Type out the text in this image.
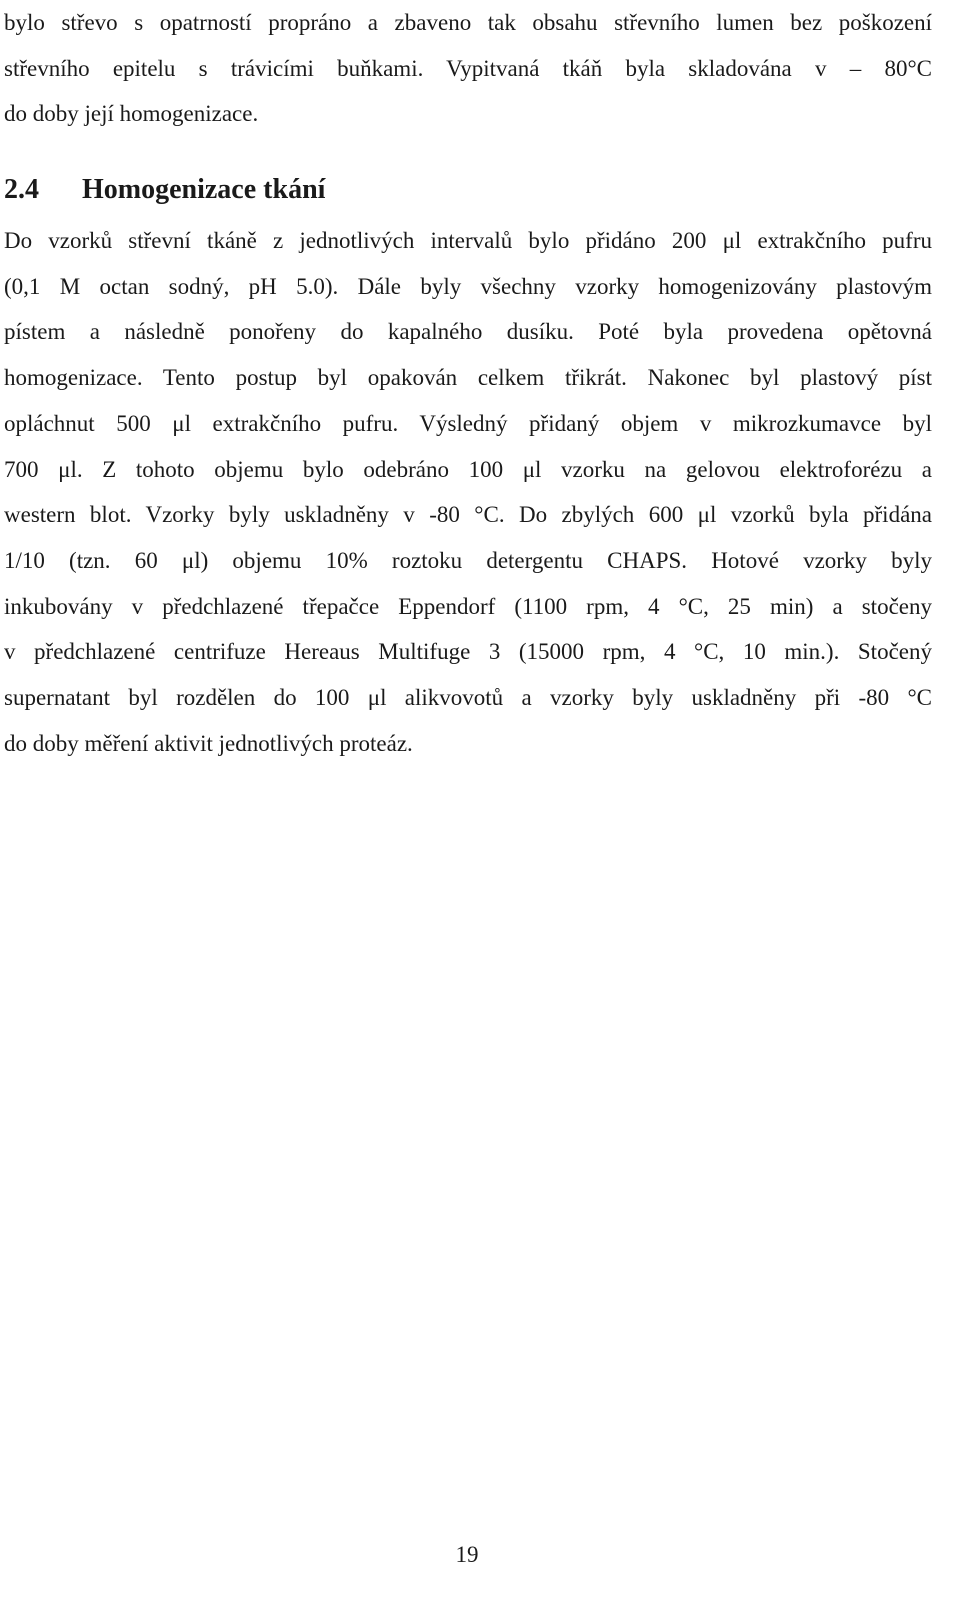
bylo střevo s opatrností propráno a zbaveno tak obsahu střevního lumen bez poškození
střevního epitelu s trávicími buňkami. Vypitvaná tkáň byla skladována v – 80°C
do doby její homogenizace.
2.4 Homogenizace tkání
Do vzorků střevní tkáně z jednotlivých intervalů bylo přidáno 200 μl extrakčního pufru
(0,1 M octan sodný, pH 5.0). Dále byly všechny vzorky homogenizovány plastovým
pístem a následně ponořeny do kapalného dusíku. Poté byla provedena opětovná
homogenizace. Tento postup byl opakován celkem třikrát. Nakonec byl plastový píst
opláchnut 500 μl extrakčního pufru. Výsledný přidaný objem v mikrozkumavce byl
700 μl. Z tohoto objemu bylo odebráno 100 μl vzorku na gelovou elektroforézu a
western blot. Vzorky byly uskladněny v -80 °C. Do zbylých 600 μl vzorků byla přidána
1/10 (tzn. 60 μl) objemu 10% roztoku detergentu CHAPS. Hotové vzorky byly
inkubovány v předchlazené třepačce Eppendorf (1100 rpm, 4 °C, 25 min) a stočeny
v předchlazené centrifuze Hereaus Multifuge 3 (15000 rpm, 4 °C, 10 min.). Stočený
supernatant byl rozdělen do 100 μl alikvovotů a vzorky byly uskladněny při -80 °C
do doby měření aktivit jednotlivých proteáz.
19
